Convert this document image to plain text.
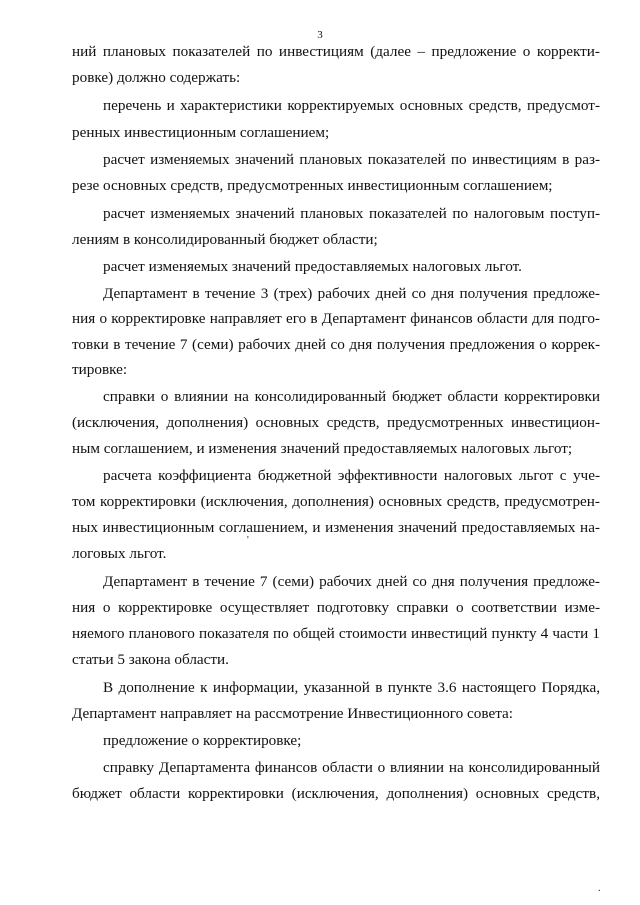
3
ний плановых показателей по инвестициям (далее – предложение о корректи-
ровке) должно содержать:
перечень и характеристики корректируемых основных средств, предусмот-
ренных инвестиционным соглашением;
расчет изменяемых значений плановых показателей по инвестициям в раз-
резе основных средств, предусмотренных инвестиционным соглашением;
расчет изменяемых значений плановых показателей по налоговым поступ-
лениям в консолидированный бюджет области;
расчет изменяемых значений предоставляемых налоговых льгот.
Департамент в течение 3 (трех) рабочих дней со дня получения предложе-
ния о корректировке направляет его в Департамент финансов области для подго-
товки в течение 7 (семи) рабочих дней со дня получения предложения о коррек-
тировке:
справки о влиянии на консолидированный бюджет области корректировки
(исключения, дополнения) основных средств, предусмотренных инвестицион-
ным соглашением, и изменения значений предоставляемых налоговых льгот;
расчета коэффициента бюджетной эффективности налоговых льгот с уче-
том корректировки (исключения, дополнения) основных средств, предусмотрен-
ных инвестиционным соглашением, и изменения значений предоставляемых на-
логовых льгот.
Департамент в течение 7 (семи) рабочих дней со дня получения предложе-
ния о корректировке осуществляет подготовку справки о соответствии изме-
няемого планового показателя по общей стоимости инвестиций пункту 4 части 1
статьи 5 закона области.
В дополнение к информации, указанной в пункте 3.6 настоящего Порядка,
Департамент направляет на рассмотрение Инвестиционного совета:
предложение о корректировке;
справку Департамента финансов области о влиянии на консолидированный
бюджет области корректировки (исключения, дополнения) основных средств,
'
.
